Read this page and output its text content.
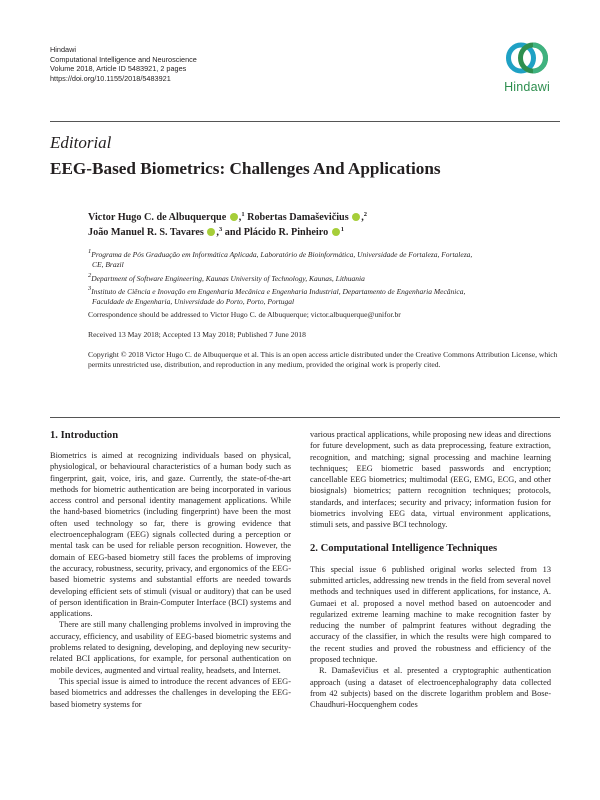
Hindawi
Computational Intelligence and Neuroscience
Volume 2018, Article ID 5483921, 2 pages
https://doi.org/10.1155/2018/5483921
Hindawi
Editorial
EEG-Based Biometrics: Challenges And Applications
Victor Hugo C. de Albuquerque ,$^1$ Robertas Damaševičius ,$^2$
João Manuel R. S. Tavares ,$^3$ and Plácido R. Pinheiro $^1$
$^1$Programa de Pós Graduação em Informática Aplicada, Laboratório de Bioinformática, Universidade de Fortaleza, Fortaleza,
CE, Brazil
$^2$Department of Software Engineering, Kaunas University of Technology, Kaunas, Lithuania
$^3$Instituto de Ciência e Inovação em Engenharia Mecânica e Engenharia Industrial, Departamento de Engenharia Mecânica,
Faculdade de Engenharia, Universidade do Porto, Porto, Portugal
Correspondence should be addressed to Victor Hugo C. de Albuquerque; victor.albuquerque@unifor.br
Received 13 May 2018; Accepted 13 May 2018; Published 7 June 2018
Copyright © 2018 Victor Hugo C. de Albuquerque et al. This is an open access article distributed under the Creative Commons Attribution License, which permits unrestricted use, distribution, and reproduction in any medium, provided the original work is properly cited.
1. Introduction

Biometrics is aimed at recognizing individuals based on physical, physiological, or behavioural characteristics of a human body such as fingerprint, gait, voice, iris, and gaze. Currently, the state-of-the-art methods for biometric authentication are being incorporated in various access control and personal identity management applications. While the hand-based biometrics (including fingerprint) have been the most often used technology so far, there is growing evidence that electroencephalogram (EEG) signals collected during a perception or mental task can be used for reliable person recognition. However, the domain of EEG-based biometry still faces the problems of improving the accuracy, robustness, security, privacy, and ergonomics of the EEG-based biometric systems and substantial efforts are needed towards developing efficient sets of stimuli (visual or auditory) that can be used of person identification in Brain-Computer Interface (BCI) systems and applications.

There are still many challenging problems involved in improving the accuracy, efficiency, and usability of EEG-based biometric systems and problems related to designing, developing, and deploying new security-related BCI applications, for example, for personal authentication on mobile devices, augmented and virtual reality, headsets, and Internet.

This special issue is aimed to introduce the recent advances of EEG-based biometrics and addresses the challenges in developing the EEG-based biometry systems for

various practical applications, while proposing new ideas and directions for future development, such as data preprocessing, feature extraction, recognition, and matching; signal processing and machine learning techniques; EEG biometric based passwords and encryption; cancellable EEG biometrics; multimodal (EEG, EMG, ECG, and other biosignals) biometrics; pattern recognition techniques; protocols, standards, and interfaces; security and privacy; information fusion for biometrics involving EEG data, virtual environment applications, stimuli sets, and passive BCI technology.

2. Computational Intelligence Techniques

This special issue 6 published original works selected from 13 submitted articles, addressing new trends in the field from several novel methods and techniques used in different applications, for instance, A. Gumaei et al. proposed a novel method based on autoencoder and regularized extreme learning machine to make recognition faster by reducing the number of palmprint features without degrading the accuracy of the classifier, in which the results were high compared to the recent studies and proved the robustness and efficiency of the proposed technique.

R. Damaševičius et al. presented a cryptographic authentication approach (using a dataset of electroencephalography data collected from 42 subjects) based on the discrete logarithm problem and Bose-Chaudhuri-Hocquenghem codes
